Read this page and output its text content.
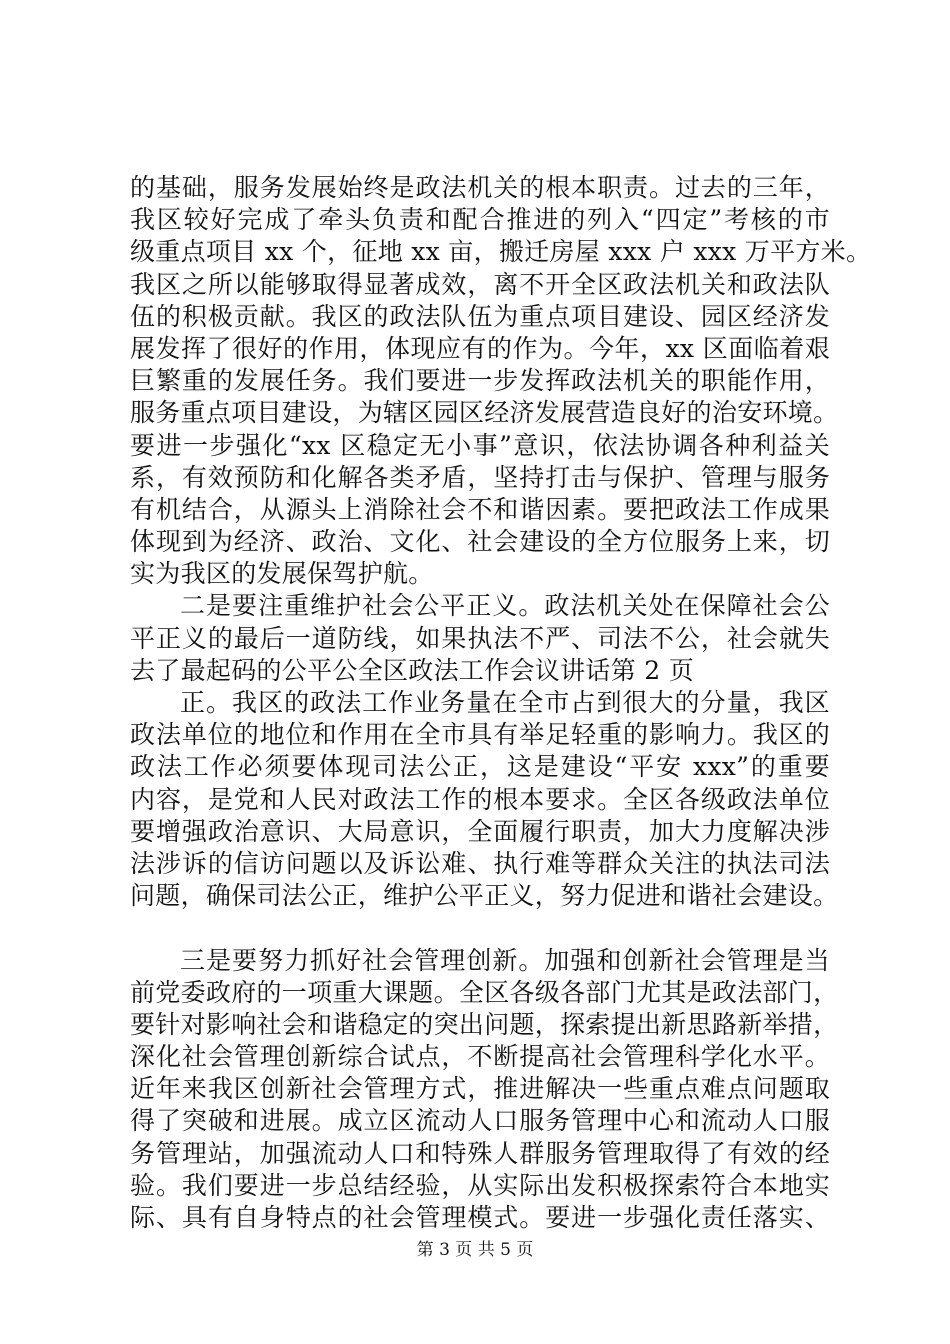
的基础，服务发展始终是政法机关的根本职责。过去的三年，
我区较好完成了牵头负责和配合推进的列入“四定”考核的市
级重点项目 xx 个，征地 xx 亩，搬迁房屋 xxx 户 xxx 万平方米。
我区之所以能够取得显著成效，离不开全区政法机关和政法队
伍的积极贡献。我区的政法队伍为重点项目建设、园区经济发
展发挥了很好的作用，体现应有的作为。今年，xx 区面临着艰
巨繁重的发展任务。我们要进一步发挥政法机关的职能作用，
服务重点项目建设，为辖区园区经济发展营造良好的治安环境。
要进一步强化“xx 区稳定无小事”意识，依法协调各种利益关
系，有效预防和化解各类矛盾，坚持打击与保护、管理与服务
有机结合，从源头上消除社会不和谐因素。要把政法工作成果
体现到为经济、政治、文化、社会建设的全方位服务上来，切
实为我区的发展保驾护航。
二是要注重维护社会公平正义。政法机关处在保障社会公
平正义的最后一道防线，如果执法不严、司法不公，社会就失
去了最起码的公平公全区政法工作会议讲话第 2 页
正。我区的政法工作业务量在全市占到很大的分量，我区
政法单位的地位和作用在全市具有举足轻重的影响力。我区的
政法工作必须要体现司法公正，这是建设“平安 xxx”的重要
内容，是党和人民对政法工作的根本要求。全区各级政法单位
要增强政治意识、大局意识，全面履行职责，加大力度解决涉
法涉诉的信访问题以及诉讼难、执行难等群众关注的执法司法
问题，确保司法公正，维护公平正义，努力促进和谐社会建设。
三是要努力抓好社会管理创新。加强和创新社会管理是当
前党委政府的一项重大课题。全区各级各部门尤其是政法部门，
要针对影响社会和谐稳定的突出问题，探索提出新思路新举措，
深化社会管理创新综合试点，不断提高社会管理科学化水平。
近年来我区创新社会管理方式，推进解决一些重点难点问题取
得了突破和进展。成立区流动人口服务管理中心和流动人口服
务管理站，加强流动人口和特殊人群服务管理取得了有效的经
验。我们要进一步总结经验，从实际出发积极探索符合本地实
际、具有自身特点的社会管理模式。要进一步强化责任落实、
第 3 页 共 5 页
